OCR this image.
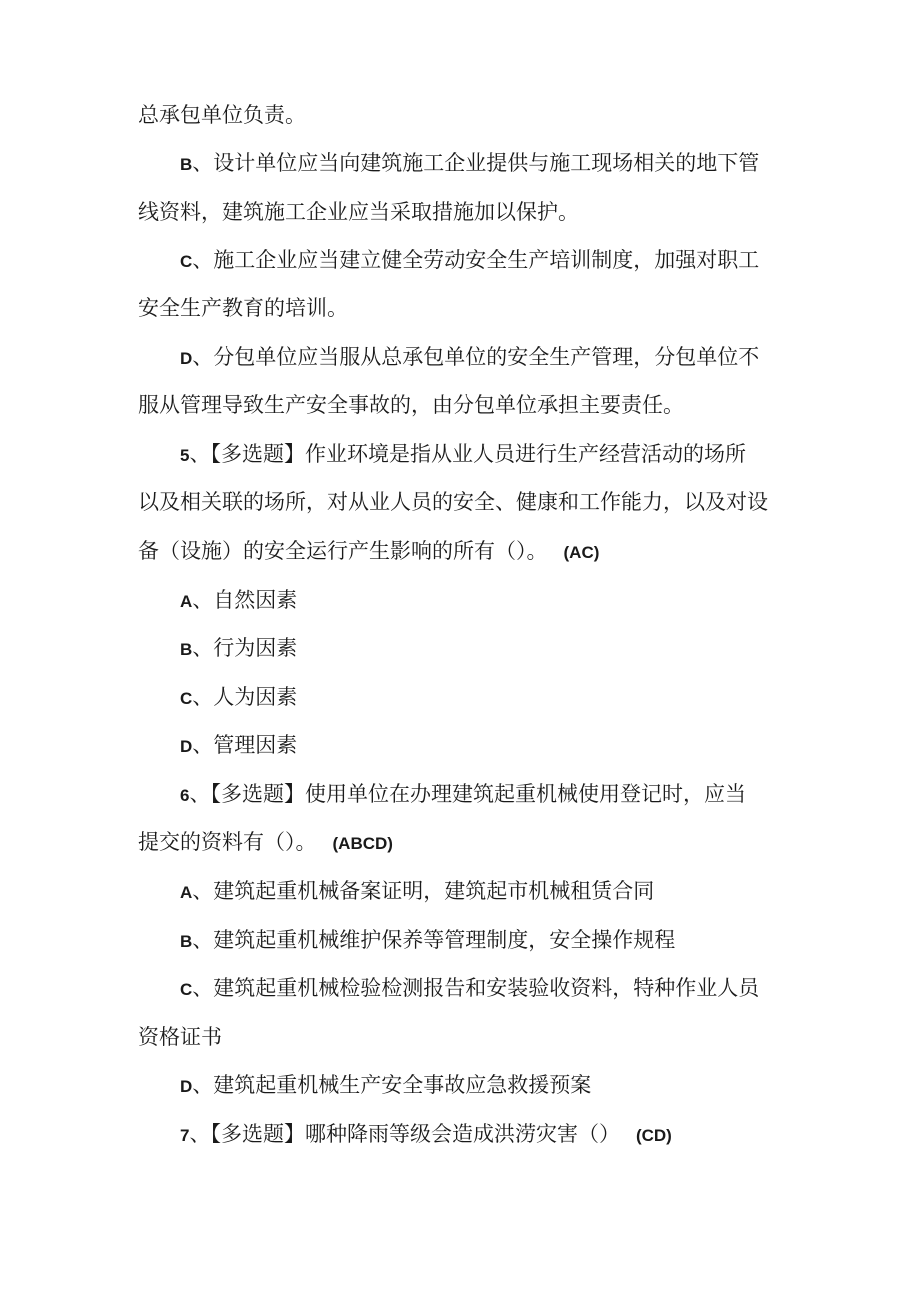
总承包单位负责。
B、设计单位应当向建筑施工企业提供与施工现场相关的地下管
线资料，建筑施工企业应当采取措施加以保护。
C、施工企业应当建立健全劳动安全生产培训制度，加强对职工
安全生产教育的培训。
D、分包单位应当服从总承包单位的安全生产管理，分包单位不
服从管理导致生产安全事故的，由分包单位承担主要责任。
5、【多选题】作业环境是指从业人员进行生产经营活动的场所
以及相关联的场所，对从业人员的安全、健康和工作能力，以及对设
备（设施）的安全运行产生影响的所有（）。 (AC)
A、自然因素
B、行为因素
C、人为因素
D、管理因素
6、【多选题】使用单位在办理建筑起重机械使用登记时，应当
提交的资料有（）。 (ABCD)
A、建筑起重机械备案证明，建筑起市机械租赁合同
B、建筑起重机械维护保养等管理制度，安全操作规程
C、建筑起重机械检验检测报告和安装验收资料，特种作业人员
资格证书
D、建筑起重机械生产安全事故应急救援预案
7、【多选题】哪种降雨等级会造成洪涝灾害（） (CD)
